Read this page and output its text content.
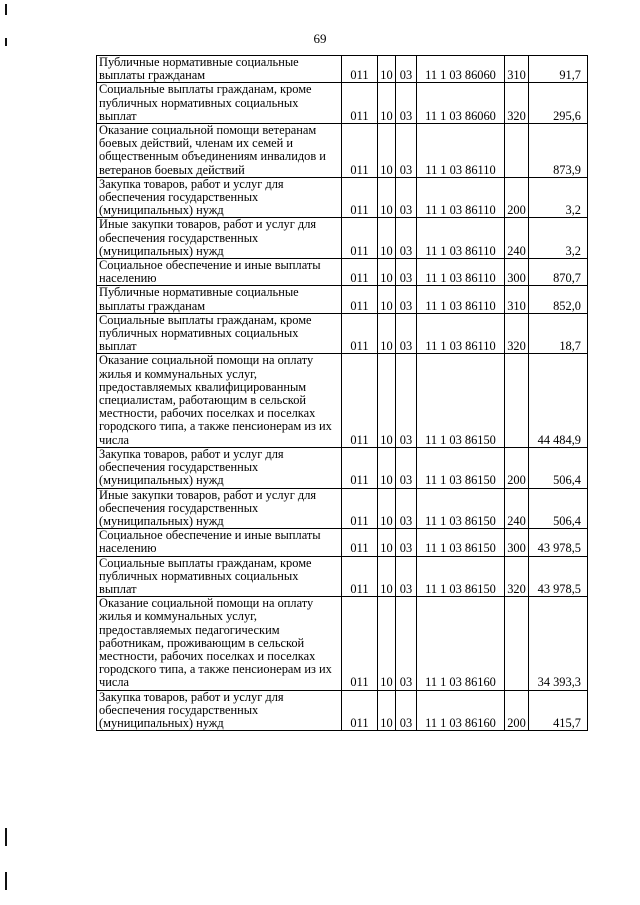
69
Публичные нормативные социальные выплаты гражданам	011	10	03	11 1 03 86060	310	91,7
Социальные выплаты гражданам, кроме публичных нормативных социальных выплат	011	10	03	11 1 03 86060	320	295,6
Оказание социальной помощи ветеранам боевых действий, членам их семей и общественным объединениям инвалидов и ветеранов боевых действий	011	10	03	11 1 03 86110		873,9
Закупка товаров, работ и услуг для обеспечения государственных (муниципальных) нужд	011	10	03	11 1 03 86110	200	3,2
Иные закупки товаров, работ и услуг для обеспечения государственных (муниципальных) нужд	011	10	03	11 1 03 86110	240	3,2
Социальное обеспечение и иные выплаты населению	011	10	03	11 1 03 86110	300	870,7
Публичные нормативные социальные выплаты гражданам	011	10	03	11 1 03 86110	310	852,0
Социальные выплаты гражданам, кроме публичных нормативных социальных выплат	011	10	03	11 1 03 86110	320	18,7
Оказание социальной помощи на оплату жилья и коммунальных услуг, предоставляемых квалифицированным специалистам, работающим в сельской местности, рабочих поселках и поселках городского типа, а также пенсионерам из их числа	011	10	03	11 1 03 86150		44 484,9
Закупка товаров, работ и услуг для обеспечения государственных (муниципальных) нужд	011	10	03	11 1 03 86150	200	506,4
Иные закупки товаров, работ и услуг для обеспечения государственных (муниципальных) нужд	011	10	03	11 1 03 86150	240	506,4
Социальное обеспечение и иные выплаты населению	011	10	03	11 1 03 86150	300	43 978,5
Социальные выплаты гражданам, кроме публичных нормативных социальных выплат	011	10	03	11 1 03 86150	320	43 978,5
Оказание социальной помощи на оплату жилья и коммунальных услуг, предоставляемых педагогическим работникам, проживающим в сельской местности, рабочих поселках и поселках городского типа, а также пенсионерам из их числа	011	10	03	11 1 03 86160		34 393,3
Закупка товаров, работ и услуг для обеспечения государственных (муниципальных) нужд	011	10	03	11 1 03 86160	200	415,7
